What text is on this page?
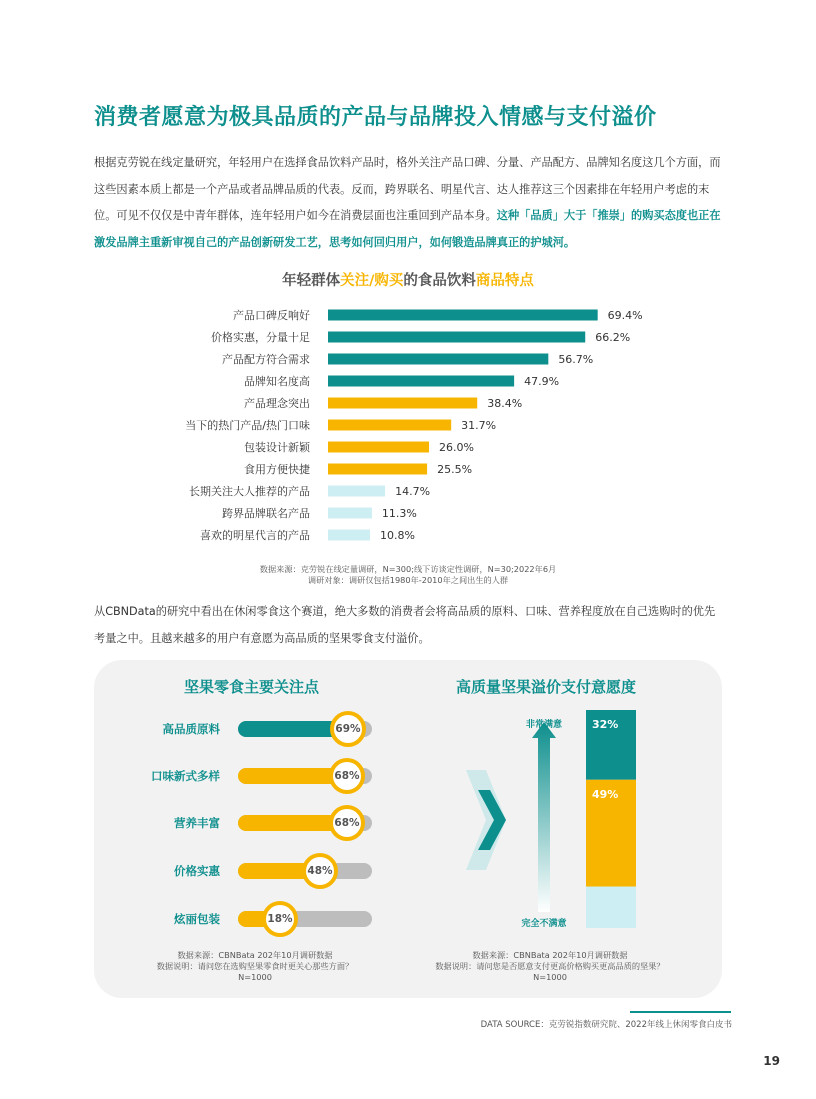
消费者愿意为极具品质的产品与品牌投入情感与支付溢价
根据克劳锐在线定量研究，年轻用户在选择食品饮料产品时，格外关注产品口碑、分量、产品配方、品牌知名度这几个方面，而这些因素本质上都是一个产品或者品牌品质的代表。反而，跨界联名、明星代言、达人推荐这三个因素排在年轻用户考虑的末位。可见不仅仅是中青年群体，连年轻用户如今在消费层面也注重回到产品本身。这种「品质」大于「推崇」的购买态度也正在激发品牌主重新审视自己的产品创新研发工艺，思考如何回归用户，如何锻造品牌真正的护城河。
年轻群体关注/购买的食品饮料商品特点
产品口碑反响好	69.4%
价格实惠，分量十足	66.2%
产品配方符合需求	56.7%
品牌知名度高	47.9%
产品理念突出	38.4%
当下的热门产品/热门口味	31.7%
包装设计新颖	26.0%
食用方便快捷	25.5%
长期关注大人推荐的产品	14.7%
跨界品牌联名产品	11.3%
喜欢的明星代言的产品	10.8%
数据来源：克劳锐在线定量调研，N=300;线下访谈定性调研，N=30;2022年6月
调研对象：调研仅包括1980年-2010年之间出生的人群
从CBNData的研究中看出在休闲零食这个赛道，绝大多数的消费者会将高品质的原料、口味、营养程度放在自己选购时的优先考量之中。且越来越多的用户有意愿为高品质的坚果零食支付溢价。
坚果零食主要关注点	高质量坚果溢价支付意愿度
高品质原料	69%
口味新式多样	68%
营养丰富	68%
价格实惠	48%
炫丽包装	18%
非常满意
完全不满意
32%
49%
数据来源：CBNBata 202年10月调研数据
数据说明：请问您在选购坚果零食时更关心那些方面？
N=1000
数据来源：CBNBata 202年10月调研数据
数据说明：请问您是否愿意支付更高价格购买更高品质的坚果？
N=1000
DATA SOURCE：克劳锐指数研究院、2022年线上休闲零食白皮书
19
